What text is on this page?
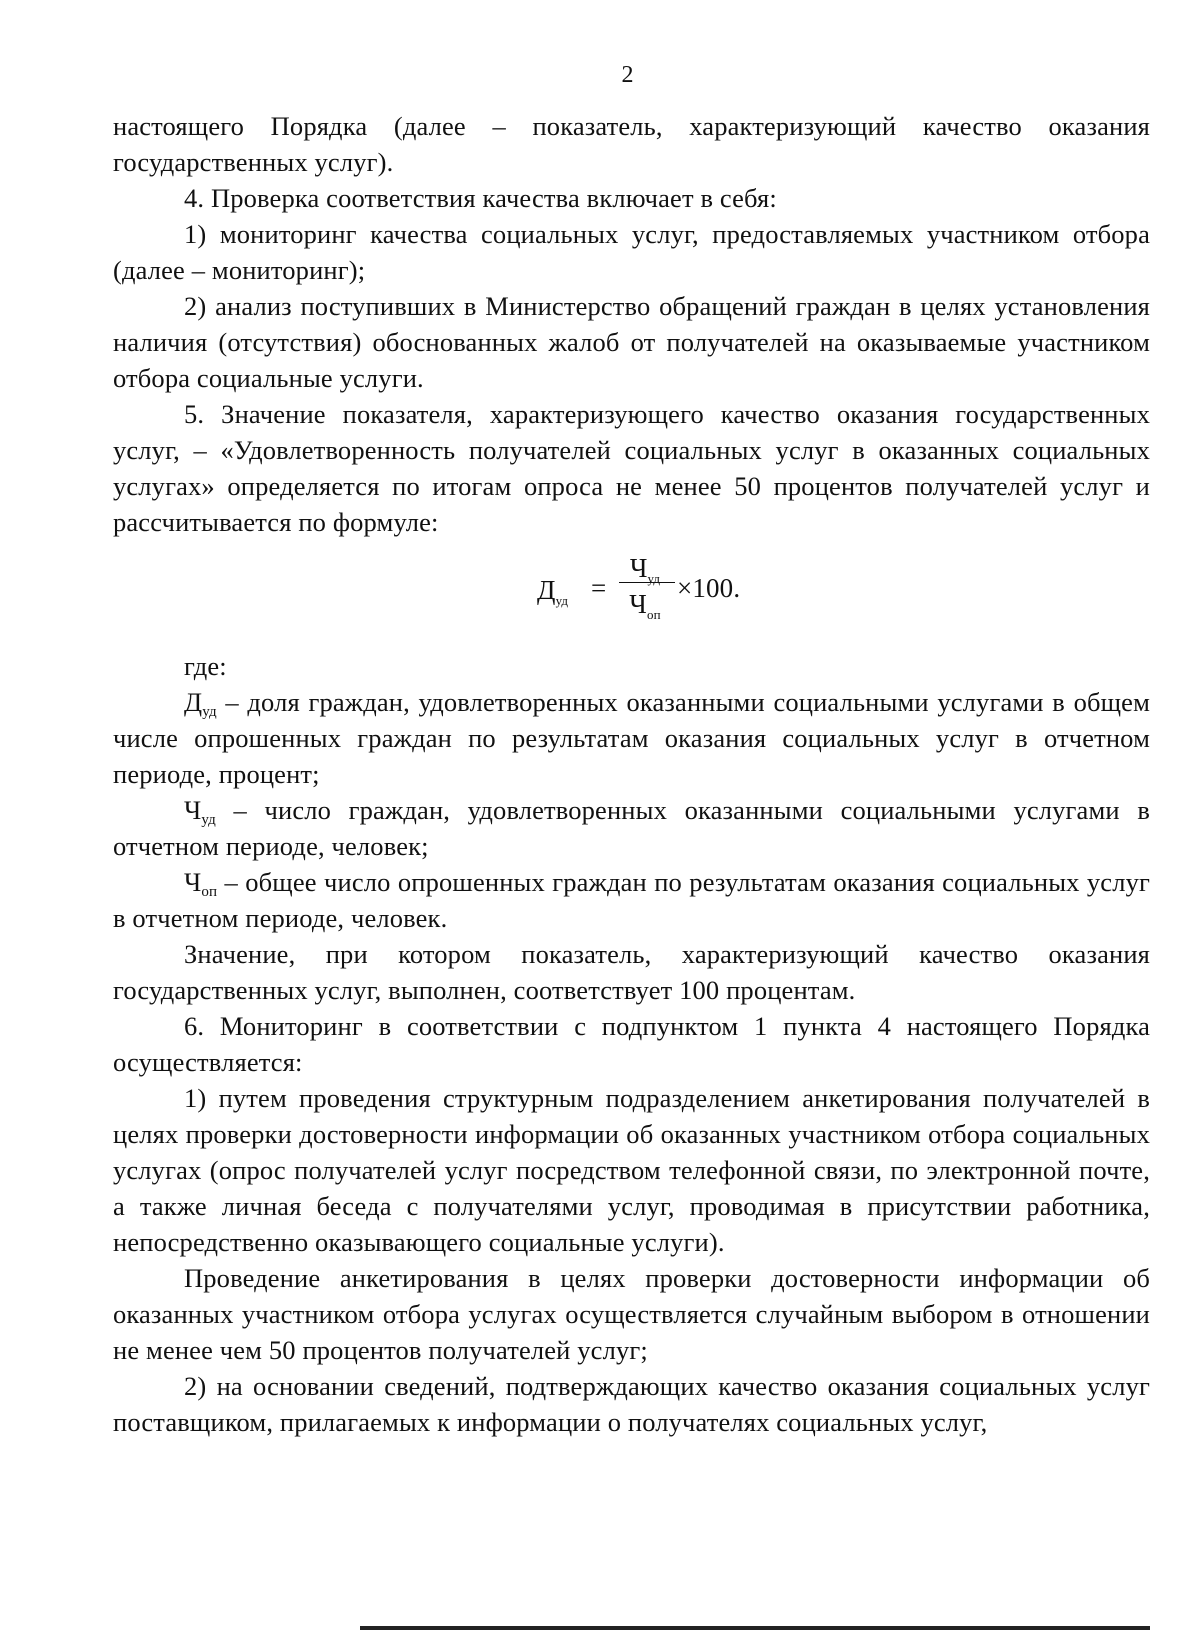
2

настоящего Порядка (далее – показатель, характеризующий качество оказания государственных услуг).

4. Проверка соответствия качества включает в себя:

1) мониторинг качества социальных услуг, предоставляемых участником отбора (далее – мониторинг);

2) анализ поступивших в Министерство обращений граждан в целях установления наличия (отсутствия) обоснованных жалоб от получателей на оказываемые участником отбора социальные услуги.

5. Значение показателя, характеризующего качество оказания государственных услуг, – «Удовлетворенность получателей социальных услуг в оказанных социальных услугах» определяется по итогам опроса не менее 50 процентов получателей услуг и рассчитывается по формуле:

$Д_{уд}$ =
$Ч_{уд}$
$Ч_{оп}$
×100.

где:

$Д_{уд}$ – доля граждан, удовлетворенных оказанными социальными услугами в общем числе опрошенных граждан по результатам оказания социальных услуг в отчетном периоде, процент;

$Ч_{уд}$ – число граждан, удовлетворенных оказанными социальными услугами в отчетном периоде, человек;

$Ч_{оп}$ – общее число опрошенных граждан по результатам оказания социальных услуг в отчетном периоде, человек.

Значение, при котором показатель, характеризующий качество оказания государственных услуг, выполнен, соответствует 100 процентам.

6. Мониторинг в соответствии с подпунктом 1 пункта 4 настоящего Порядка осуществляется:

1) путем проведения структурным подразделением анкетирования получателей в целях проверки достоверности информации об оказанных участником отбора социальных услугах (опрос получателей услуг посредством телефонной связи, по электронной почте, а также личная беседа с получателями услуг, проводимая в присутствии работника, непосредственно оказывающего социальные услуги).

Проведение анкетирования в целях проверки достоверности информации об оказанных участником отбора услугах осуществляется случайным выбором в отношении не менее чем 50 процентов получателей услуг;

2) на основании сведений, подтверждающих качество оказания социальных услуг поставщиком, прилагаемых к информации о получателях социальных услуг,
